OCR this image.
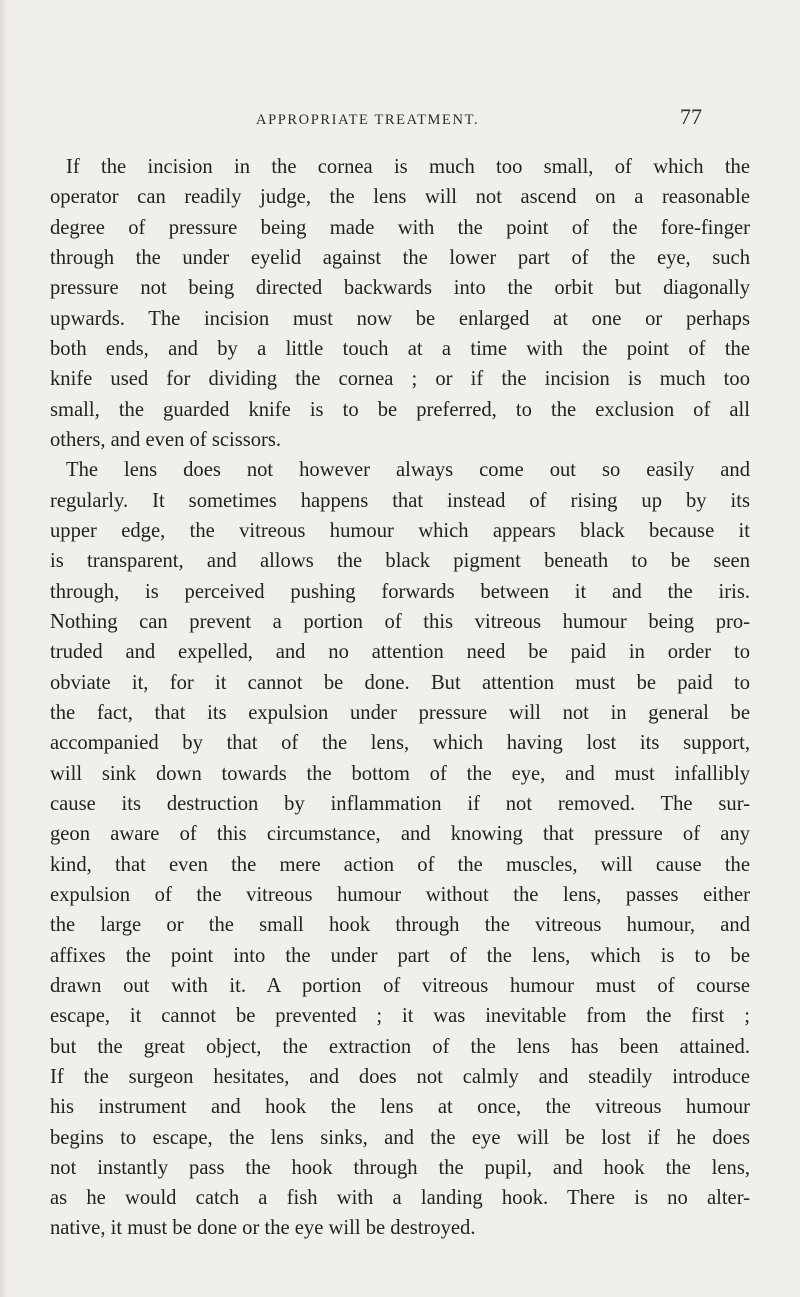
APPROPRIATE TREATMENT.	77
If the incision in the cornea is much too small, of which the
operator can readily judge, the lens will not ascend on a reasonable
degree of pressure being made with the point of the fore-finger
through the under eyelid against the lower part of the eye, such
pressure not being directed backwards into the orbit but diagonally
upwards. The incision must now be enlarged at one or perhaps
both ends, and by a little touch at a time with the point of the
knife used for dividing the cornea ; or if the incision is much too
small, the guarded knife is to be preferred, to the exclusion of all
others, and even of scissors.
The lens does not however always come out so easily and
regularly. It sometimes happens that instead of rising up by its
upper edge, the vitreous humour which appears black because it
is transparent, and allows the black pigment beneath to be seen
through, is perceived pushing forwards between it and the iris.
Nothing can prevent a portion of this vitreous humour being pro-
truded and expelled, and no attention need be paid in order to
obviate it, for it cannot be done. But attention must be paid to
the fact, that its expulsion under pressure will not in general be
accompanied by that of the lens, which having lost its support,
will sink down towards the bottom of the eye, and must infallibly
cause its destruction by inflammation if not removed. The sur-
geon aware of this circumstance, and knowing that pressure of any
kind, that even the mere action of the muscles, will cause the
expulsion of the vitreous humour without the lens, passes either
the large or the small hook through the vitreous humour, and
affixes the point into the under part of the lens, which is to be
drawn out with it. A portion of vitreous humour must of course
escape, it cannot be prevented ; it was inevitable from the first ;
but the great object, the extraction of the lens has been attained.
If the surgeon hesitates, and does not calmly and steadily introduce
his instrument and hook the lens at once, the vitreous humour
begins to escape, the lens sinks, and the eye will be lost if he does
not instantly pass the hook through the pupil, and hook the lens,
as he would catch a fish with a landing hook. There is no alter-
native, it must be done or the eye will be destroyed.
